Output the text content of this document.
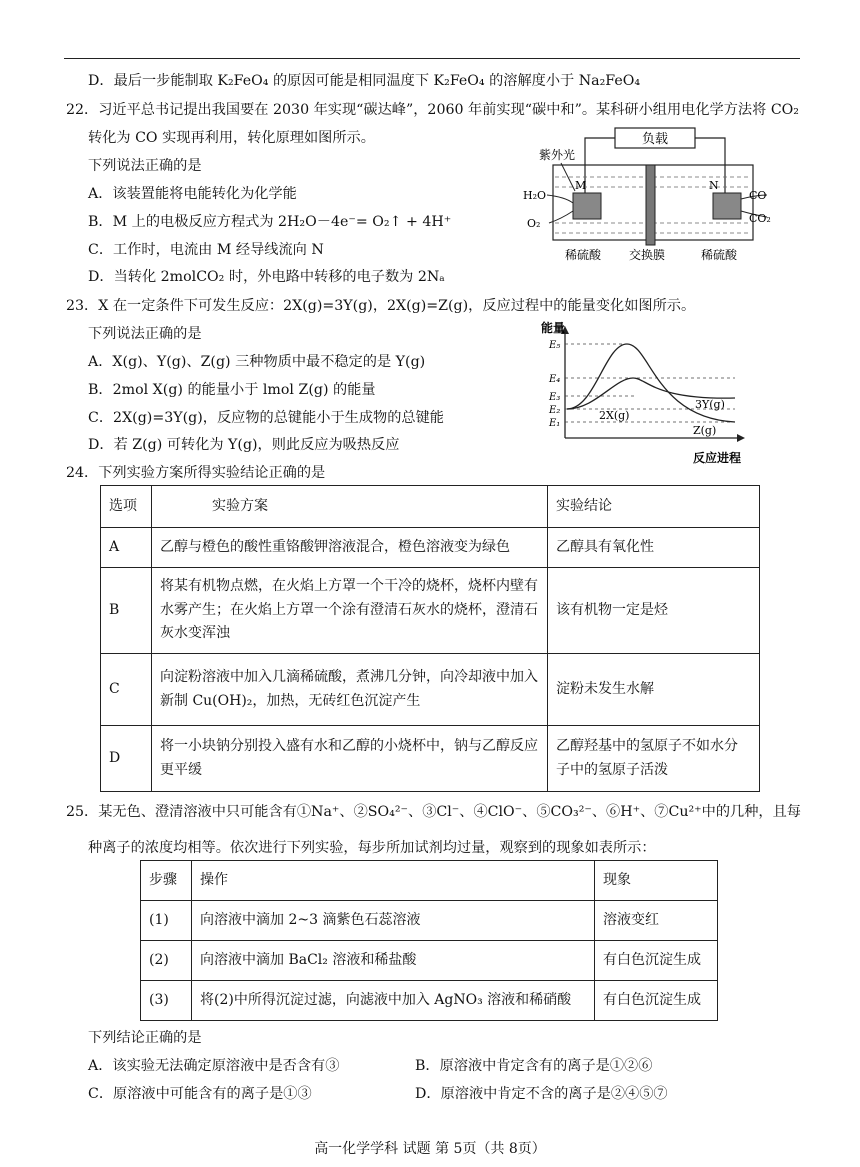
D．最后一步能制取 K₂FeO₄ 的原因可能是相同温度下 K₂FeO₄ 的溶解度小于 Na₂FeO₄
22．习近平总书记提出我国要在 2030 年实现“碳达峰”，2060 年前实现“碳中和”。某科研小组用电化学方法将 CO₂
转化为 CO 实现再利用，转化原理如图所示。
下列说法正确的是
A．该装置能将电能转化为化学能
B．M 上的电极反应方程式为 2H₂O－4e⁻= O₂↑ + 4H⁺
C．工作时，电流由 M 经导线流向 N
D．当转化 2molCO₂ 时，外电路中转移的电子数为 2Nₐ
负载
紫外光
M	N
H₂O
O₂
CO
CO₂
稀硫酸 交换膜	稀硫酸
23．X 在一定条件下可发生反应：2X(g)=3Y(g)，2X(g)=Z(g)，反应过程中的能量变化如图所示。
下列说法正确的是
A．X(g)、Y(g)、Z(g) 三种物质中最不稳定的是 Y(g)
B．2mol X(g) 的能量小于 lmol Z(g) 的能量
C．2X(g)=3Y(g)，反应物的总键能小于生成物的总键能
D．若 Z(g) 可转化为 Y(g)，则此反应为吸热反应
能量
反应进程
E₅
E₄
E₃
E₂
E₁
2X(g)
3Y(g)
Z(g)
24．下列实验方案所得实验结论正确的是
选项	实验方案	实验结论
A	乙醇与橙色的酸性重铬酸钾溶液混合，橙色溶液变为绿色	乙醇具有氧化性
B	将某有机物点燃，在火焰上方罩一个干冷的烧杯，烧杯内壁有水雾产生；在火焰上方罩一个涂有澄清石灰水的烧杯，澄清石灰水变浑浊	该有机物一定是烃
C	向淀粉溶液中加入几滴稀硫酸，煮沸几分钟，向冷却液中加入新制 Cu(OH)₂，加热，无砖红色沉淀产生	淀粉未发生水解
D	将一小块钠分别投入盛有水和乙醇的小烧杯中，钠与乙醇反应更平缓	乙醇羟基中的氢原子不如水分子中的氢原子活泼
25．某无色、澄清溶液中只可能含有①Na⁺、②SO₄²⁻、③Cl⁻、④ClO⁻、⑤CO₃²⁻、⑥H⁺、⑦Cu²⁺中的几种，且每
种离子的浓度均相等。依次进行下列实验，每步所加试剂均过量，观察到的现象如表所示：
步骤	操作	现象
(1)	向溶液中滴加 2~3 滴紫色石蕊溶液	溶液变红
(2)	向溶液中滴加 BaCl₂ 溶液和稀盐酸	有白色沉淀生成
(3)	将(2)中所得沉淀过滤，向滤液中加入 AgNO₃ 溶液和稀硝酸	有白色沉淀生成
下列结论正确的是
A．该实验无法确定原溶液中是否含有③	B．原溶液中肯定含有的离子是①②⑥
C．原溶液中可能含有的离子是①③	D．原溶液中肯定不含的离子是②④⑤⑦
高一化学学科 试题 第 5页（共 8页）
